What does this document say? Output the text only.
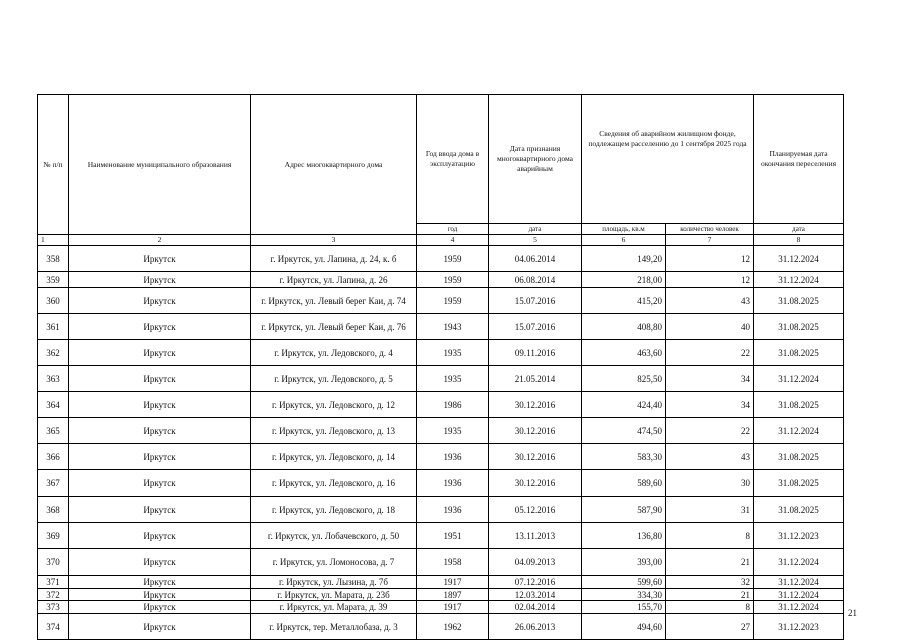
№ п/п	Наименование муниципального образования	Адрес многоквартирного дома	Год ввода дома в эксплуатацию	Дата признания многоквартирного дома аварийным	Сведения об аварийном жилищном фонде, подлежащем расселению до 1 сентября 2025 года		Планируемая дата окончания переселения
			год	дата	площадь, кв.м	количество человек	дата
1	2	3	4	5	6	7	8
358	Иркутск	г. Иркутск, ул. Лапина, д. 24, к. б	1959	04.06.2014	149,20	12	31.12.2024
359	Иркутск	г. Иркутск, ул. Лапина, д. 26	1959	06.08.2014	218,00	12	31.12.2024
360	Иркутск	г. Иркутск, ул. Левый берег Каи, д. 74	1959	15.07.2016	415,20	43	31.08.2025
361	Иркутск	г. Иркутск, ул. Левый берег Каи, д. 76	1943	15.07.2016	408,80	40	31.08.2025
362	Иркутск	г. Иркутск, ул. Ледовского, д. 4	1935	09.11.2016	463,60	22	31.08.2025
363	Иркутск	г. Иркутск, ул. Ледовского, д. 5	1935	21.05.2014	825,50	34	31.12.2024
364	Иркутск	г. Иркутск, ул. Ледовского, д. 12	1986	30.12.2016	424,40	34	31.08.2025
365	Иркутск	г. Иркутск, ул. Ледовского, д. 13	1935	30.12.2016	474,50	22	31.12.2024
366	Иркутск	г. Иркутск, ул. Ледовского, д. 14	1936	30.12.2016	583,30	43	31.08.2025
367	Иркутск	г. Иркутск, ул. Ледовского, д. 16	1936	30.12.2016	589,60	30	31.08.2025
368	Иркутск	г. Иркутск, ул. Ледовского, д. 18	1936	05.12.2016	587,90	31	31.08.2025
369	Иркутск	г. Иркутск, ул. Лобачевского, д. 50	1951	13.11.2013	136,80	8	31.12.2023
370	Иркутск	г. Иркутск, ул. Ломоносова, д. 7	1958	04.09.2013	393,00	21	31.12.2024
371	Иркутск	г. Иркутск, ул. Лызина, д. 7б	1917	07.12.2016	599,60	32	31.12.2024
372	Иркутск	г. Иркутск, ул. Марата, д. 23б	1897	12.03.2014	334,30	21	31.12.2024
373	Иркутск	г. Иркутск, ул. Марата, д. 39	1917	02.04.2014	155,70	8	31.12.2024
374	Иркутск	г. Иркутск, тер. Металлобаза, д. 3	1962	26.06.2013	494,60	27	31.12.2023
21
